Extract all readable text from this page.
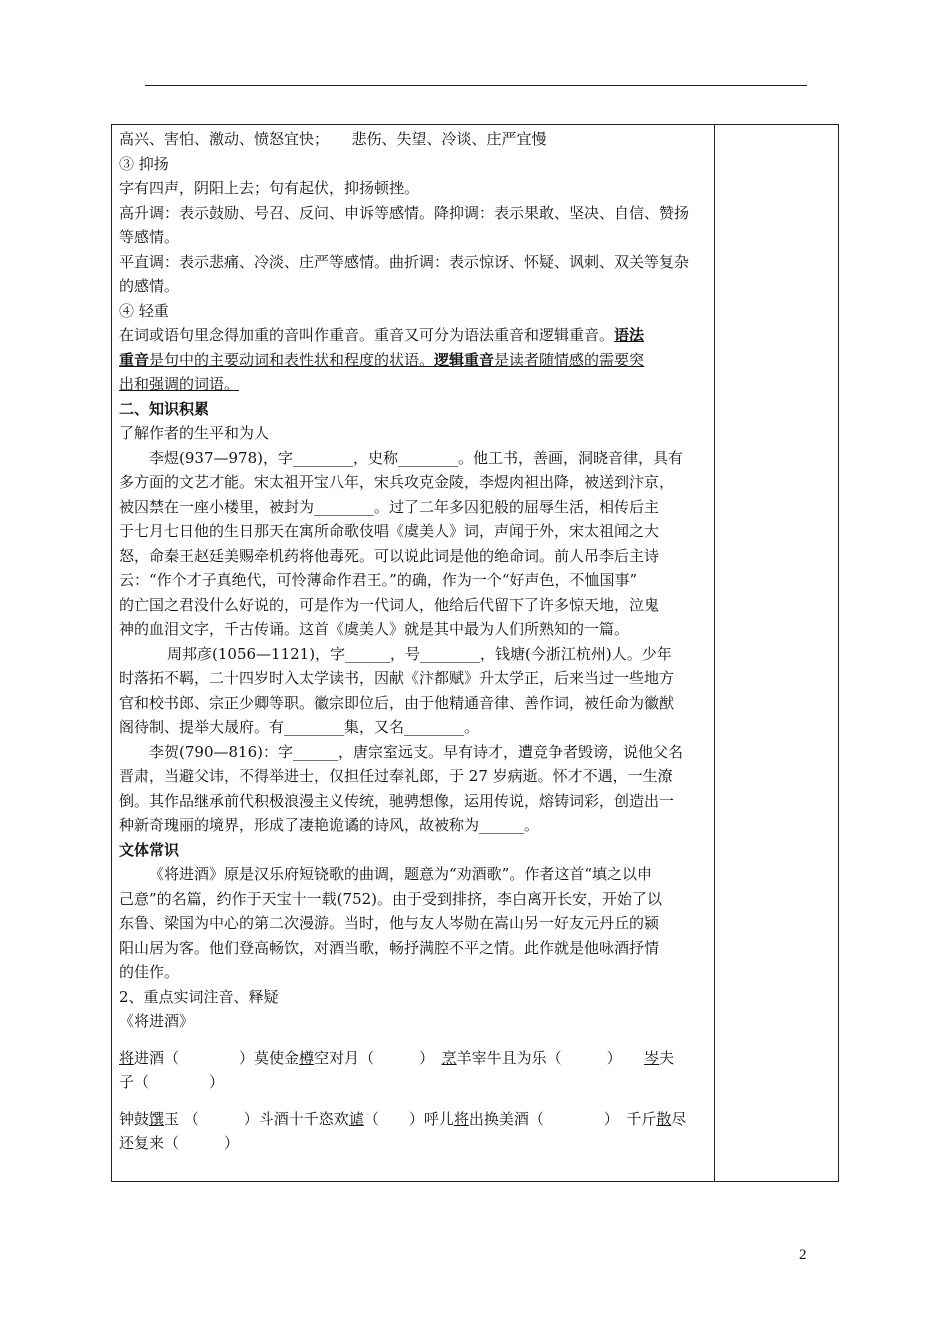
高兴、害怕、激动、愤怒宜快；　　悲伤、失望、冷谈、庄严宜慢
③ 抑扬
字有四声，阴阳上去；句有起伏，抑扬顿挫。
高升调：表示鼓励、号召、反问、申诉等感情。降抑调：表示果敢、坚决、自信、赞扬
等感情。
平直调：表示悲痛、冷淡、庄严等感情。曲折调：表示惊讶、怀疑、讽刺、双关等复杂
的感情。
④ 轻重
在词或语句里念得加重的音叫作重音。重音又可分为语法重音和逻辑重音。语法
重音是句中的主要动词和表性状和程度的状语。逻辑重音是读者随情感的需要突
出和强调的词语。
二、知识积累
了解作者的生平和为人
李煜(937—978)，字________，史称________。他工书，善画，洞晓音律，具有
多方面的文艺才能。宋太祖开宝八年，宋兵攻克金陵，李煜肉袒出降，被送到汴京，
被囚禁在一座小楼里，被封为________。过了二年多囚犯般的屈辱生活，相传后主
于七月七日他的生日那天在寓所命歌伎唱《虞美人》词，声闻于外，宋太祖闻之大
怒，命秦王赵廷美赐牵机药将他毒死。可以说此词是他的绝命词。前人吊李后主诗
云：“作个才子真绝代，可怜薄命作君王。”的确，作为一个“好声色，不恤国事”
的亡国之君没什么好说的，可是作为一代词人，他给后代留下了许多惊天地，泣鬼
神的血泪文字，千古传诵。这首《虞美人》就是其中最为人们所熟知的一篇。
周邦彦(1056—1121)，字______，号________，钱塘(今浙江杭州)人。少年
时落拓不羁，二十四岁时入太学读书，因献《汴都赋》升太学正，后来当过一些地方
官和校书郎、宗正少卿等职。徽宗即位后，由于他精通音律、善作词，被任命为徽猷
阁待制、提举大晟府。有________集，又名________。
李贺(790—816)：字______，唐宗室远支。早有诗才，遭竞争者毁谤，说他父名
晋肃，当避父讳，不得举进士，仅担任过奉礼郎，于 27 岁病逝。怀才不遇，一生潦
倒。其作品继承前代积极浪漫主义传统，驰骋想像，运用传说，熔铸词彩，创造出一
种新奇瑰丽的境界，形成了凄艳诡谲的诗风，故被称为______。
文体常识
《将进酒》原是汉乐府短铙歌的曲调，题意为“劝酒歌”。作者这首“填之以申
己意”的名篇，约作于天宝十一载(752)。由于受到排挤，李白离开长安，开始了以
东鲁、梁国为中心的第二次漫游。当时，他与友人岑勋在嵩山另一好友元丹丘的颍
阳山居为客。他们登高畅饮，对酒当歌，畅抒满腔不平之情。此作就是他咏酒抒情
的佳作。
2、重点实词注音、释疑
《将进酒》
将进酒（　　　　）莫使金樽空对月（　　　）　烹羊宰牛且为乐（　　　）　　岑夫
子（　　　　）
钟鼓馔玉 （　　　）斗酒十千恣欢谑（　　）呼儿将出换美酒（　　　　）　千斤散尽
还复来（　　　）
2
